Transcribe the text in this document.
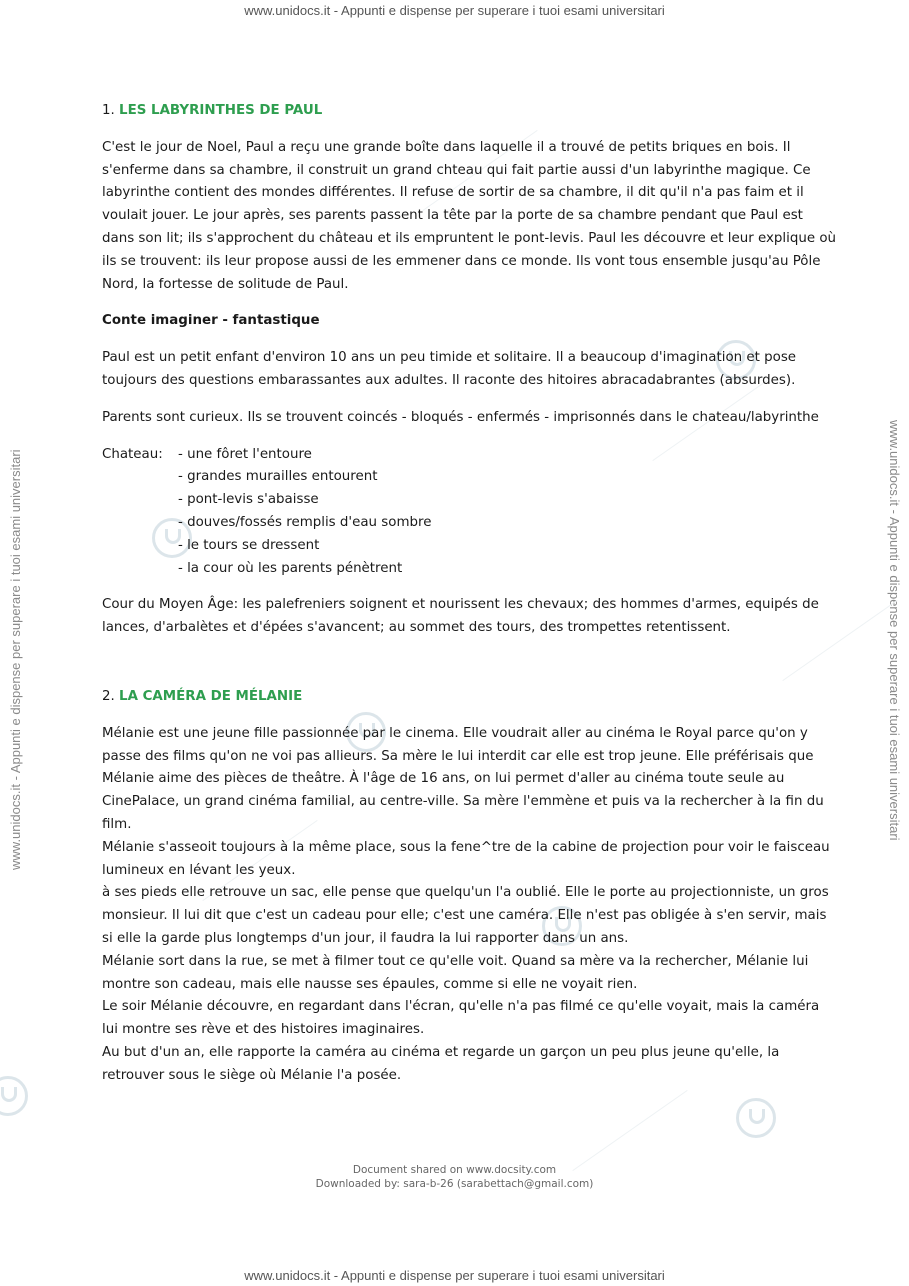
www.unidocs.it - Appunti e dispense per superare i tuoi esami universitari
www.unidocs.it - Appunti e dispense per superare i tuoi esami universitari
www.unidocs.it - Appunti e dispense per superare i tuoi esami universitari	www.unidocs.it - Appunti e dispense per superare i tuoi esami universitari
1. LES LABYRINTHES DE PAUL

C'est le jour de Noel, Paul a reçu une grande boîte dans laquelle il a trouvé de petits briques en bois. Il s'enferme dans sa chambre, il construit un grand chteau qui fait partie aussi d'un labyrinthe magique. Ce labyrinthe contient des mondes différentes. Il refuse de sortir de sa chambre, il dit qu'il n'a pas faim et il voulait jouer. Le jour après, ses parents passent la tête par la porte de sa chambre pendant que Paul est dans son lit; ils s'approchent du château et ils empruntent le pont-levis. Paul les découvre et leur explique où ils se trouvent: ils leur propose aussi de les emmener dans ce monde. Ils vont tous ensemble jusqu'au Pôle Nord, la fortesse de solitude de Paul.

Conte imaginer - fantastique

Paul est un petit enfant d'environ 10 ans un peu timide et solitaire. Il a beaucoup d'imagination et pose toujours des questions embarassantes aux adultes. Il raconte des hitoires abracadabrantes (absurdes).

Parents sont curieux. Ils se trouvent coincés - bloqués - enfermés - imprisonnés dans le chateau/labyrinthe

Chateau:	- une fôret l'entoure
- grandes murailles entourent
- pont-levis s'abaisse
- douves/fossés remplis d'eau sombre
- le tours se dressent
- la cour où les parents pénètrent

Cour du Moyen Âge: les palefreniers soignent et nourissent les chevaux; des hommes d'armes, equipés de lances, d'arbalètes et d'épées s'avancent; au sommet des tours, des trompettes retentissent.

2. LA CAMÉRA DE MÉLANIE

Mélanie est une jeune fille passionnée par le cinema. Elle voudrait aller au cinéma le Royal parce qu'on y passe des films qu'on ne voi pas allieurs. Sa mère le lui interdit car elle est trop jeune. Elle préférisais que Mélanie aime des pièces de theâtre. À l'âge de 16 ans, on lui permet d'aller au cinéma toute seule au CinePalace, un grand cinéma familial, au centre-ville. Sa mère l'emmène et puis va la rechercher à la fin du film.

Mélanie s'asseoit toujours à la même place, sous la fene^tre de la cabine de projection pour voir le faisceau lumineux en lévant les yeux.

à ses pieds elle retrouve un sac, elle pense que quelqu'un l'a oublié. Elle le porte au projectionniste, un gros monsieur. Il lui dit que c'est un cadeau pour elle; c'est une caméra. Elle n'est pas obligée à s'en servir, mais si elle la garde plus longtemps d'un jour, il faudra la lui rapporter dans un ans.

Mélanie sort dans la rue, se met à filmer tout ce qu'elle voit. Quand sa mère va la rechercher, Mélanie lui montre son cadeau, mais elle nausse ses épaules, comme si elle ne voyait rien.

Le soir Mélanie découvre, en regardant dans l'écran, qu'elle n'a pas filmé ce qu'elle voyait, mais la caméra lui montre ses rève et des histoires imaginaires.

Au but d'un an, elle rapporte la caméra au cinéma et regarde un garçon un peu plus jeune qu'elle, la retrouver sous le siège où Mélanie l'a posée.

Document shared on www.docsity.com
Downloaded by: sara-b-26 (sarabettach@gmail.com)
